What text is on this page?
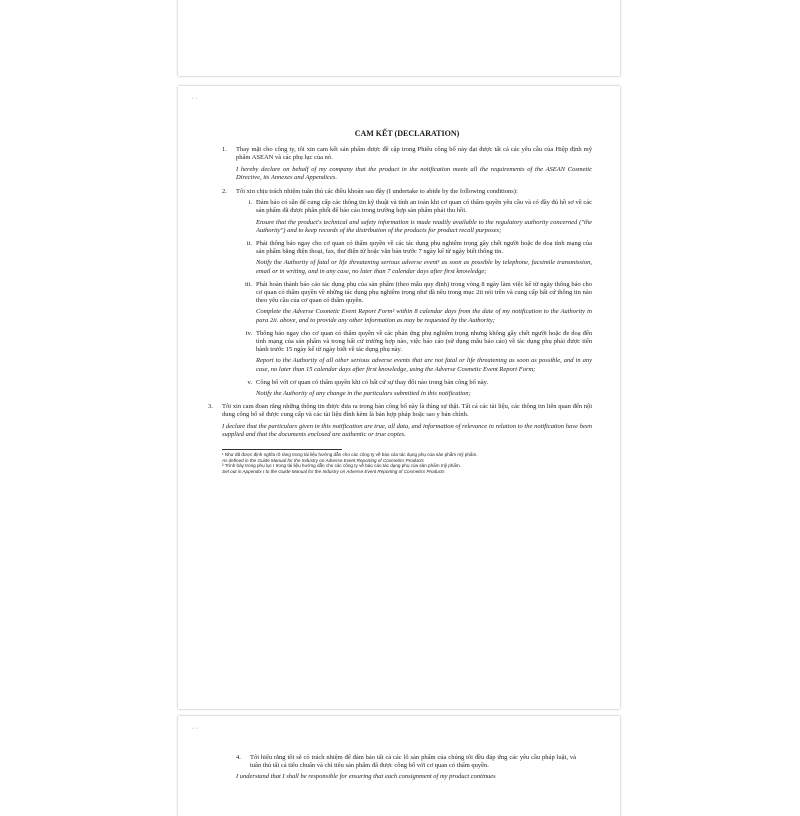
· ·
CAM KẾT (DECLARATION)
1.	Thay mặt cho công ty, tôi xin cam kết sản phẩm được đề cập trong Phiếu công bố này đạt được tất cả các yêu cầu của Hiệp định mỹ phẩm ASEAN và các phụ lục của nó.
I hereby declare on behalf of my company that the product in the notification meets all the requirements of the ASEAN Cosmetic Directive, its Annexes and Appendices.
2.	Tôi xin chịu trách nhiệm tuân thủ các điều khoản sau đây (I undertake to abide by the following conditions):
i. Đảm bảo có sẵn để cung cấp các thông tin kỹ thuật và tính an toàn khi cơ quan có thẩm quyền yêu cầu và có đầy đủ hồ sơ về các sản phẩm đã được phân phối để báo cáo trong trường hợp sản phẩm phải thu hồi.
Ensure that the product's technical and safety information is made readily available to the regulatory authority concerned ("the Authority") and to keep records of the distribution of the products for product recall purposes;
ii. Phải thông báo ngay cho cơ quan có thẩm quyền về các tác dụng phụ nghiêm trọng gây chết người hoặc đe doạ tính mạng của sản phẩm bằng điện thoại, fax, thư điện tử hoặc văn bản trước 7 ngày kể từ ngày biết thông tin.
Notify the Authority of fatal or life threatening serious adverse event¹ as soon as possible by telephone, facsimile transmission, email or in writing, and in any case, no later than 7 calendar days after first knowledge;
iii. Phải hoàn thành báo cáo tác dụng phụ của sản phẩm (theo mẫu quy định) trong vòng 8 ngày làm việc kể từ ngày thông báo cho cơ quan có thẩm quyền về những tác dụng phụ nghiêm trọng như đã nêu trong mục 2ii nói trên và cung cấp bất cứ thông tin nào theo yêu cầu của cơ quan có thẩm quyền.
Complete the Adverse Cosmetic Event Report Form² within 8 calendar days from the date of my notification to the Authority in para 2ii. above, and to provide any other information as may be requested by the Authority;
iv. Thông báo ngay cho cơ quan có thẩm quyền về các phản ứng phụ nghiêm trọng nhưng không gây chết người hoặc đe doạ đến tính mạng của sản phẩm và trong bất cứ trường hợp nào, việc báo cáo (sử dụng mẫu báo cáo) về tác dụng phụ phải được tiến hành trước 15 ngày kể từ ngày biết về tác dụng phụ này.
Report to the Authority of all other serious adverse events that are not fatal or life threatening as soon as possible, and in any case, no later than 15 calendar days after first knowledge, using the Adverse Cosmetic Event Report Form;
v. Công bố với cơ quan có thẩm quyền khi có bất cứ sự thay đổi nào trong bản công bố này.
Notify the Authority of any change in the particulars submitted in this notification;
3.	Tôi xin cam đoan rằng những thông tin được đưa ra trong bản công bố này là đúng sự thật. Tất cả các tài liệu, các thông tin liên quan đến nội dung công bố sẽ được cung cấp và các tài liệu đính kèm là bản hợp pháp hoặc sao y bản chính.
I declare that the particulars given in this notification are true, all data, and information of relevance in relation to the notification have been supplied and that the documents enclosed are authentic or true copies.
¹ Như đã được định nghĩa rõ ràng trong tài liệu hướng dẫn cho các công ty về báo cáo tác dụng phụ của sản phẩm mỹ phẩm.
As defined in the Guide Manual for the Industry on Adverse Event Reporting of Cosmetics Products
² Trình bày trong phụ lục I trong tài liệu hướng dẫn cho các công ty về báo cáo tác dụng phụ của sản phẩm mỹ phẩm.
Set out in Appendix I to the Guide Manual for the Industry on Adverse Event Reporting of Cosmetics Products
· ·
4.	Tôi hiểu rằng tôi sẽ có trách nhiệm để đảm bảo tất cả các lô sản phẩm của chúng tôi đều đáp ứng các yêu cầu pháp luật, và tuân thủ tất cả tiêu chuẩn và chỉ tiêu sản phẩm đã được công bố với cơ quan có thẩm quyền.
I understand that I shall be responsible for ensuring that each consignment of my product continues
